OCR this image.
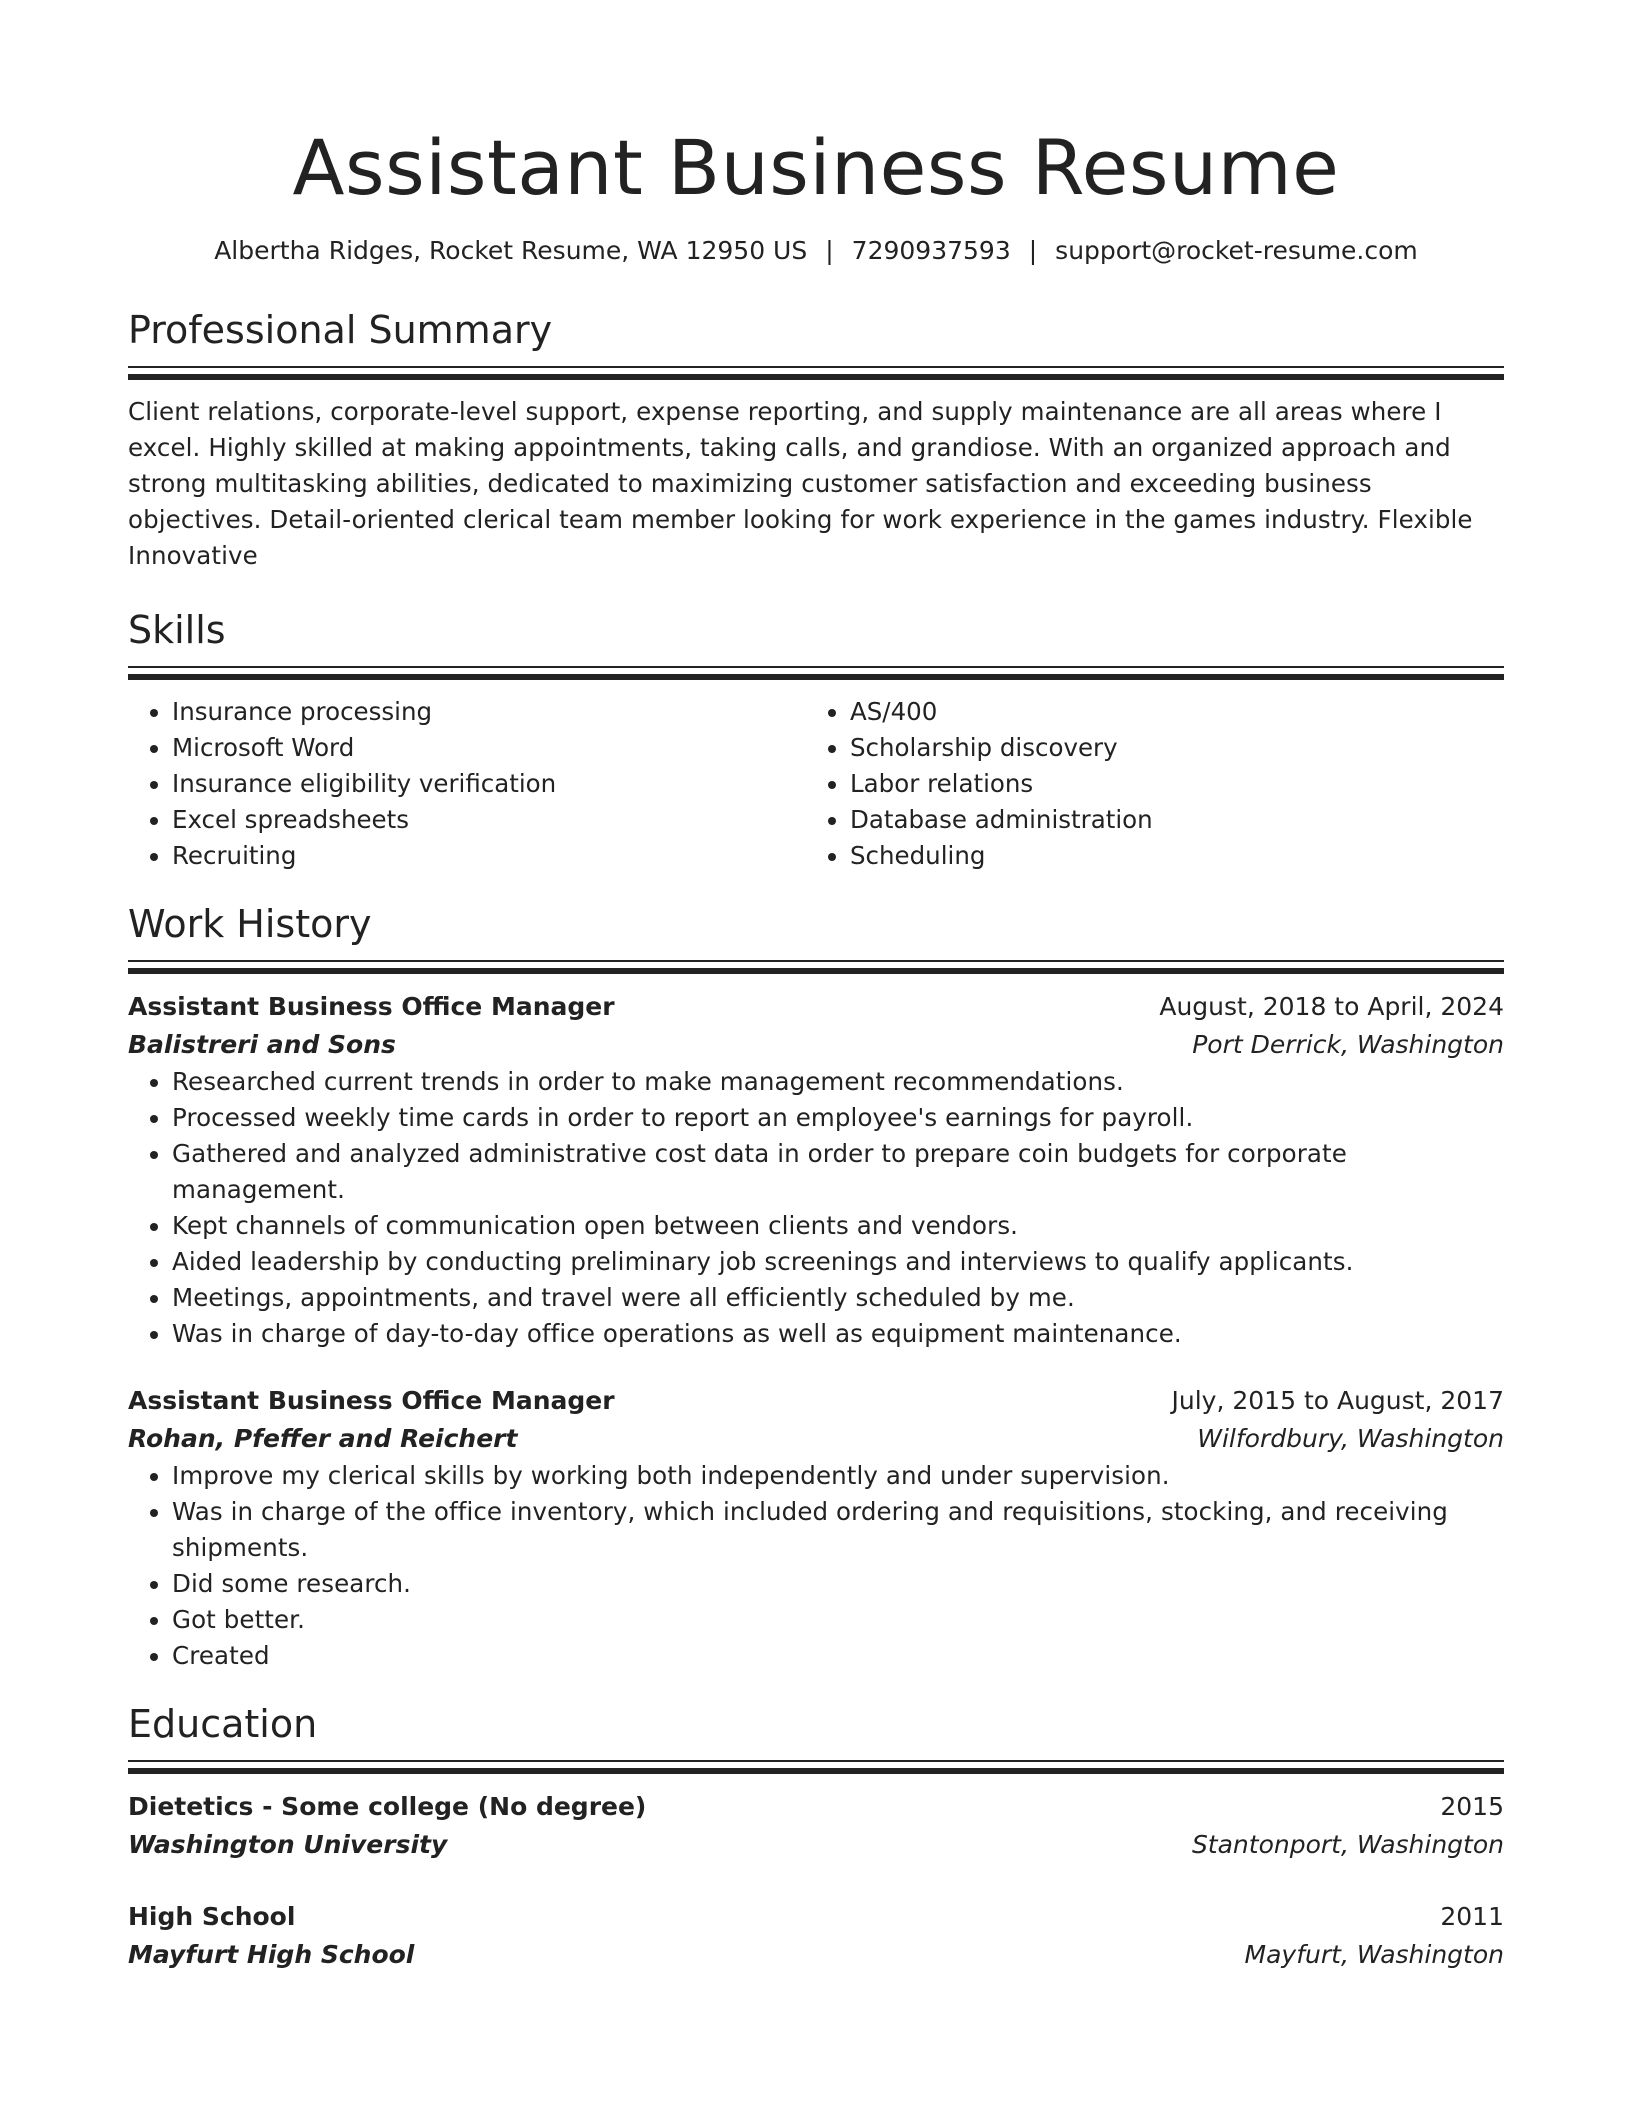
Assistant Business Resume
Albertha Ridges, Rocket Resume, WA 12950 US | 7290937593 | support@rocket-resume.com
Professional Summary

Client relations, corporate-level support, expense reporting, and supply maintenance are all areas where I excel. Highly skilled at making appointments, taking calls, and grandiose. With an organized approach and strong multitasking abilities, dedicated to maximizing customer satisfaction and exceeding business objectives. Detail-oriented clerical team member looking for work experience in the games industry. Flexible Innovative

Skills
• Insurance processing
• Microsoft Word
• Insurance eligibility verification
• Excel spreadsheets
• Recruiting
• AS/400
• Scholarship discovery
• Labor relations
• Database administration
• Scheduling
Work History
Assistant Business Office Manager	August, 2018 to April, 2024
Balistreri and Sons	Port Derrick, Washington
• Researched current trends in order to make management recommendations.
• Processed weekly time cards in order to report an employee's earnings for payroll.
• Gathered and analyzed administrative cost data in order to prepare coin budgets for corporate management.
• Kept channels of communication open between clients and vendors.
• Aided leadership by conducting preliminary job screenings and interviews to qualify applicants.
• Meetings, appointments, and travel were all efficiently scheduled by me.
• Was in charge of day-to-day office operations as well as equipment maintenance.
Assistant Business Office Manager	July, 2015 to August, 2017
Rohan, Pfeffer and Reichert	Wilfordbury, Washington
• Improve my clerical skills by working both independently and under supervision.
• Was in charge of the office inventory, which included ordering and requisitions, stocking, and receiving shipments.
• Did some research.
• Got better.
• Created
Education
Dietetics - Some college (No degree)	2015
Washington University	Stantonport, Washington
High School	2011
Mayfurt High School	Mayfurt, Washington
